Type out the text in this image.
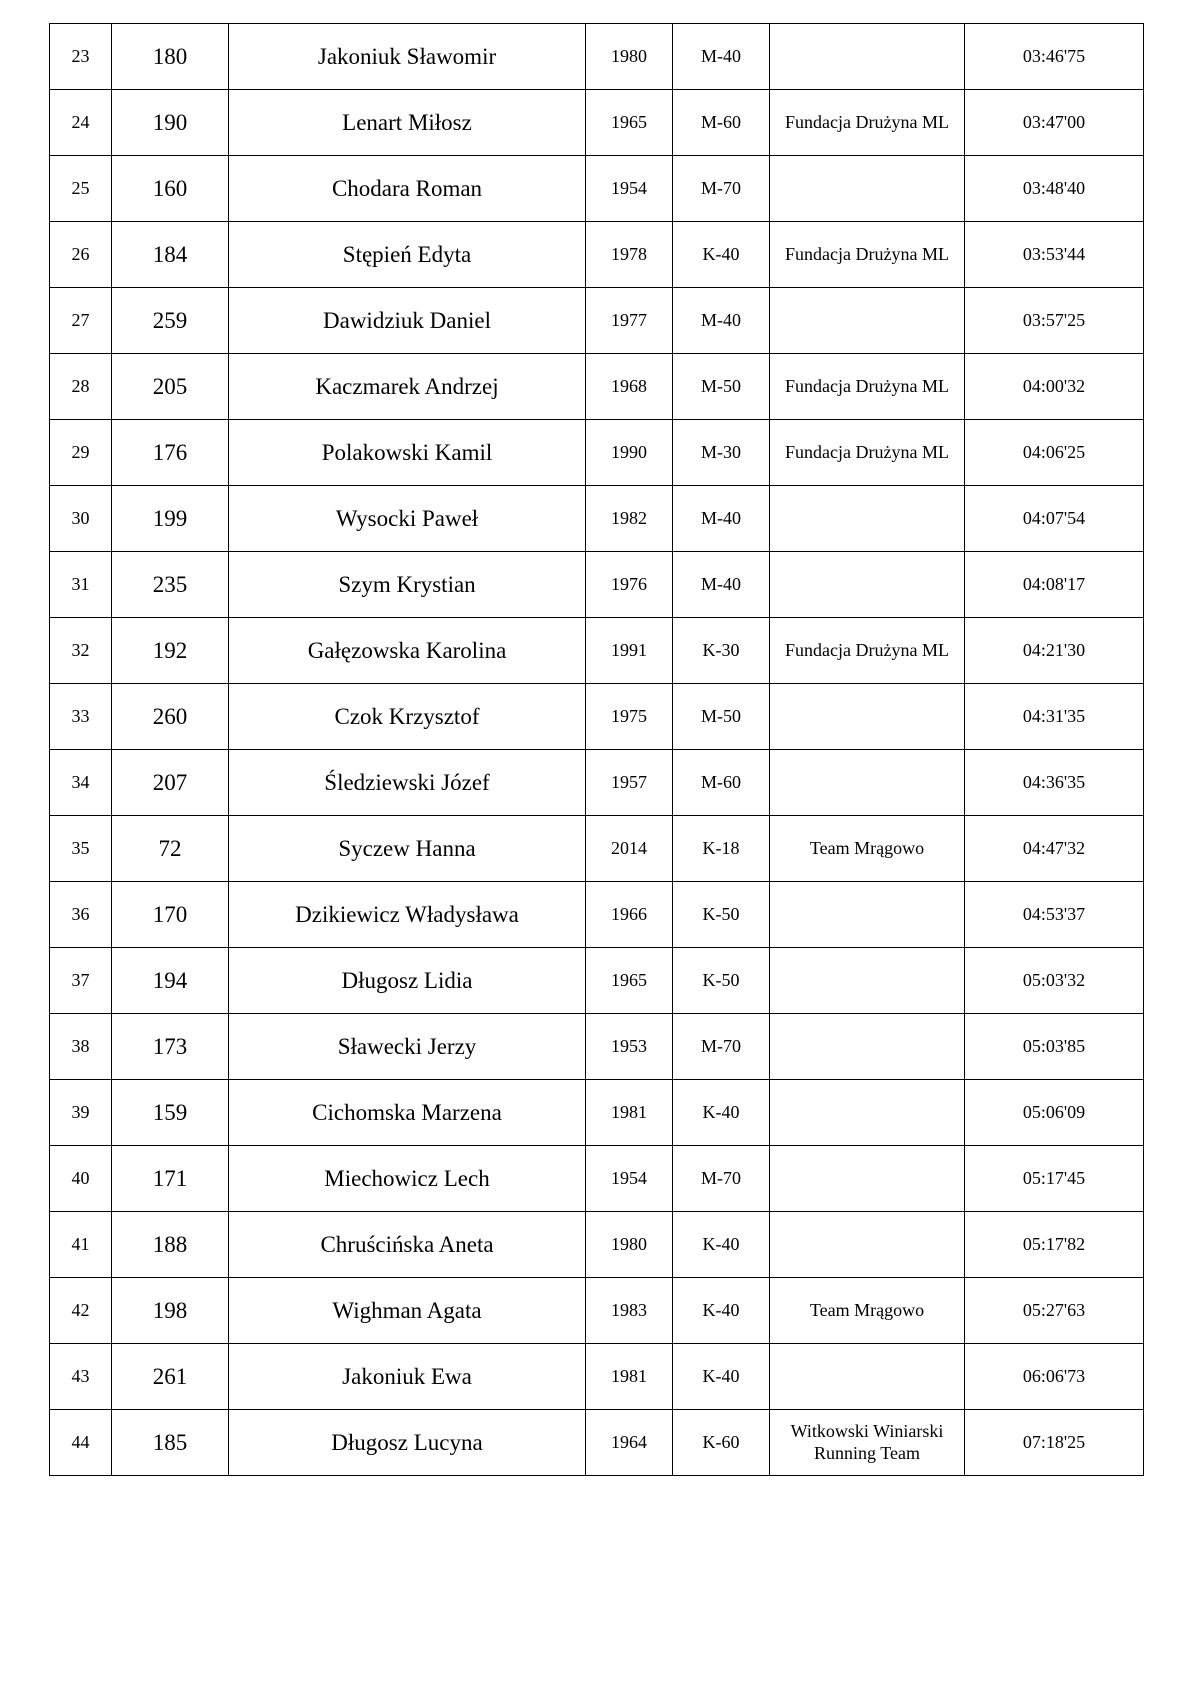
23	180	Jakoniuk Sławomir	1980	M-40		03:46'75
24	190	Lenart Miłosz	1965	M-60	Fundacja Drużyna ML	03:47'00
25	160	Chodara Roman	1954	M-70		03:48'40
26	184	Stępień Edyta	1978	K-40	Fundacja Drużyna ML	03:53'44
27	259	Dawidziuk Daniel	1977	M-40		03:57'25
28	205	Kaczmarek Andrzej	1968	M-50	Fundacja Drużyna ML	04:00'32
29	176	Polakowski Kamil	1990	M-30	Fundacja Drużyna ML	04:06'25
30	199	Wysocki Paweł	1982	M-40		04:07'54
31	235	Szym Krystian	1976	M-40		04:08'17
32	192	Gałęzowska Karolina	1991	K-30	Fundacja Drużyna ML	04:21'30
33	260	Czok Krzysztof	1975	M-50		04:31'35
34	207	Śledziewski Józef	1957	M-60		04:36'35
35	72	Syczew Hanna	2014	K-18	Team Mrągowo	04:47'32
36	170	Dzikiewicz Władysława	1966	K-50		04:53'37
37	194	Długosz Lidia	1965	K-50		05:03'32
38	173	Sławecki Jerzy	1953	M-70		05:03'85
39	159	Cichomska Marzena	1981	K-40		05:06'09
40	171	Miechowicz Lech	1954	M-70		05:17'45
41	188	Chruścińska Aneta	1980	K-40		05:17'82
42	198	Wighman Agata	1983	K-40	Team Mrągowo	05:27'63
43	261	Jakoniuk Ewa	1981	K-40		06:06'73
44	185	Długosz Lucyna	1964	K-60	Witkowski Winiarski Running Team	07:18'25
